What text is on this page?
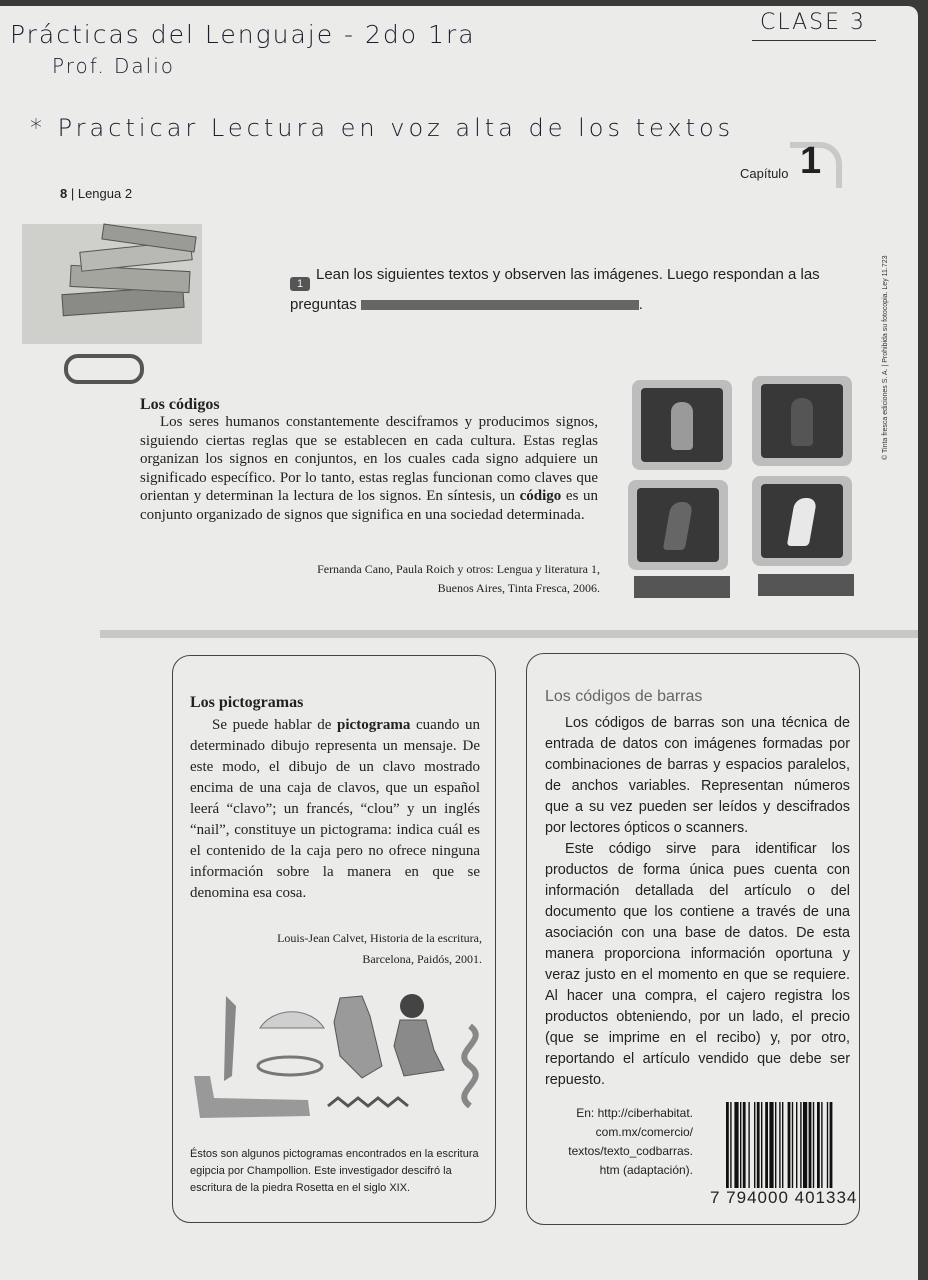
Prácticas del Lenguaje - 2do 1ra
Prof. Dalio
CLASE 3
* Practicar Lectura en voz alta de los textos
8 | Lengua 2
Capítulo 1
© Tinta fresca ediciones S. A. | Prohibida su fotocopia. Ley 11.723
1
Lean los siguientes textos y observen las imágenes. Luego respondan a las preguntas	.
Los códigos

Los seres humanos constantemente desciframos y producimos signos, siguiendo ciertas reglas que se establecen en cada cultura. Estas reglas organizan los signos en conjuntos, en los cuales cada signo adquiere un significado específico. Por lo tanto, estas reglas funcionan como claves que orientan y determinan la lectura de los signos. En síntesis, un código es un conjunto organizado de signos que significa en una sociedad determinada.

Fernanda Cano, Paula Roich y otros: Lengua y literatura 1,
Buenos Aires, Tinta Fresca, 2006.
Los pictogramas

Se puede hablar de pictograma cuando un determinado dibujo representa un mensaje. De este modo, el dibujo de un clavo mostrado encima de una caja de clavos, que un español leerá “clavo”; un francés, “clou” y un inglés “nail”, constituye un pictograma: indica cuál es el contenido de la caja pero no ofrece ninguna información sobre la manera en que se denomina esa cosa.

Louis-Jean Calvet, Historia de la escritura,
Barcelona, Paidós, 2001.
Éstos son algunos pictogramas encontrados en la escritura egipcia por Champollion. Este investigador descifró la escritura de la piedra Rosetta en el siglo XIX.
Los códigos de barras

Los códigos de barras son una técnica de entrada de datos con imágenes formadas por combinaciones de barras y espacios paralelos, de anchos variables. Representan números que a su vez pueden ser leídos y descifrados por lectores ópticos o scanners.

Este código sirve para identificar los productos de forma única pues cuenta con información detallada del artículo o del documento que los contiene a través de una asociación con una base de datos. De esta manera proporciona información oportuna y veraz justo en el momento en que se requiere. Al hacer una compra, el cajero registra los productos obteniendo, por un lado, el precio (que se imprime en el recibo) y, por otro, reportando el artículo vendido que debe ser repuesto.

En: http://ciberhabitat.
com.mx/comercio/
textos/texto_codbarras.
htm (adaptación).
7 794000 401334
